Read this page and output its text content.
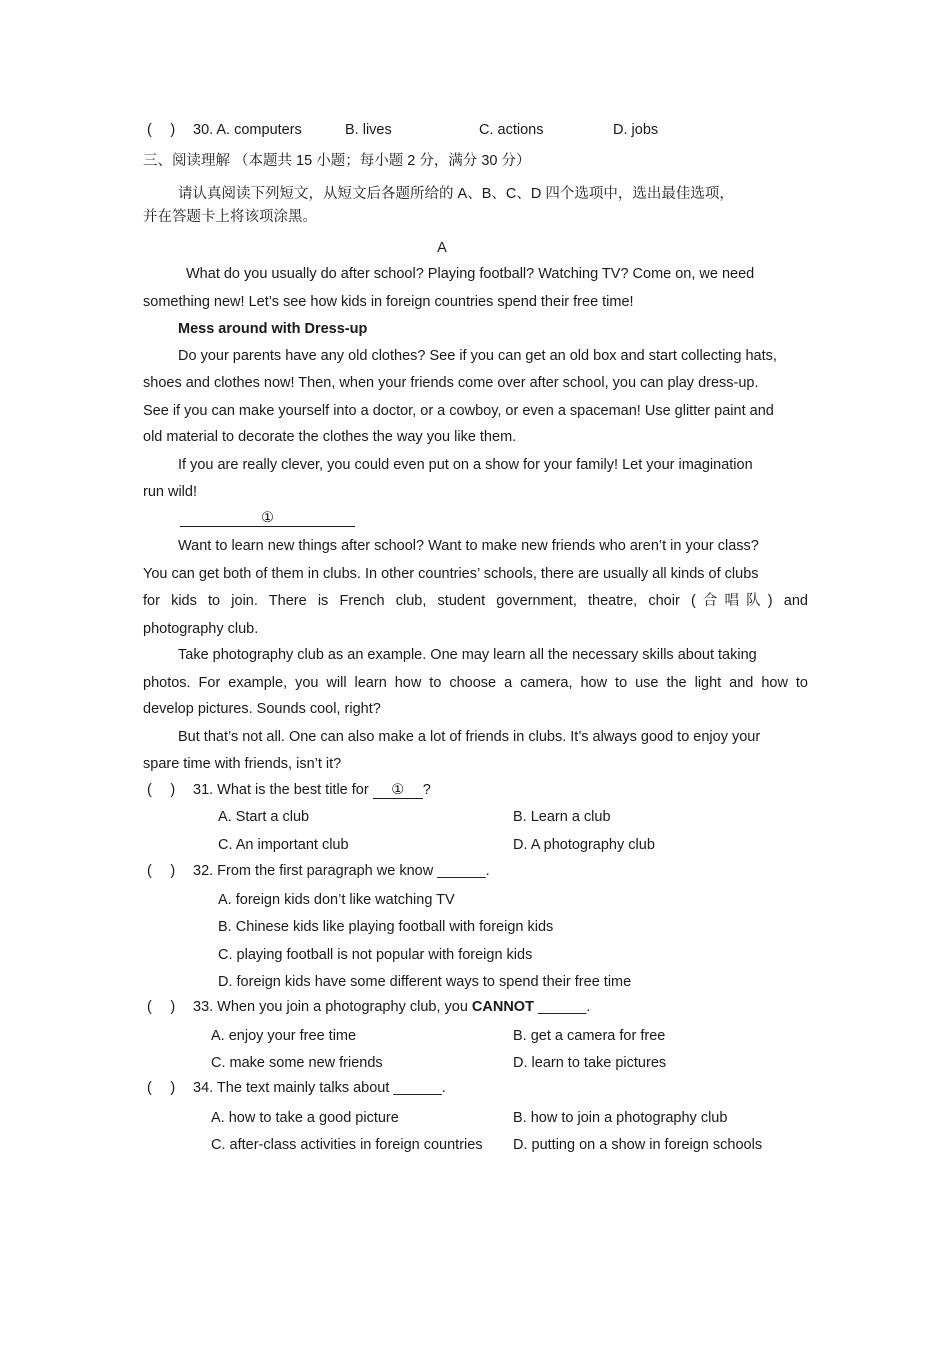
(　 ) 30. A. computers	B. lives	C. actions	D. jobs
三、阅读理解 （本题共 15 小题；每小题 2 分，满分 30 分）
请认真阅读下列短文，从短文后各题所给的 A、B、C、D 四个选项中，选出最佳选项，
并在答题卡上将该项涂黑。
A
What do you usually do after school? Playing football? Watching TV? Come on, we need
something new! Let’s see how kids in foreign countries spend their free time!
Mess around with Dress-up
Do your parents have any old clothes? See if you can get an old box and start collecting hats,
shoes and clothes now! Then, when your friends come over after school, you can play dress-up.
See if you can make yourself into a doctor, or a cowboy, or even a spaceman! Use glitter paint and
old material to decorate the clothes the way you like them.
If you are really clever, you could even put on a show for your family! Let your imagination
run wild!
①
Want to learn new things after school? Want to make new friends who aren’t in your class?
You can get both of them in clubs. In other countries’ schools, there are usually all kinds of clubs
for kids to join. There is French club, student government, theatre, choir (合唱队) and
photography club.
Take photography club as an example. One may learn all the necessary skills about taking
photos. For example, you will learn how to choose a camera, how to use the light and how to
develop pictures. Sounds cool, right?
But that’s not all. One can also make a lot of friends in clubs. It’s always good to enjoy your
spare time with friends, isn’t it?
(　 ) 31. What is the best title for ① ?
A. Start a club	B. Learn a club
C. An important club	D. A photography club
(　 ) 32. From the first paragraph we know ______.
A. foreign kids don’t like watching TV
B. Chinese kids like playing football with foreign kids
C. playing football is not popular with foreign kids
D. foreign kids have some different ways to spend their free time
(　 ) 33. When you join a photography club, you CANNOT ______.
A. enjoy your free time	B. get a camera for free
C. make some new friends	D. learn to take pictures
(　 ) 34. The text mainly talks about ______.
A. how to take a good picture	B. how to join a photography club
C. after-class activities in foreign countries D. putting on a show in foreign schools
